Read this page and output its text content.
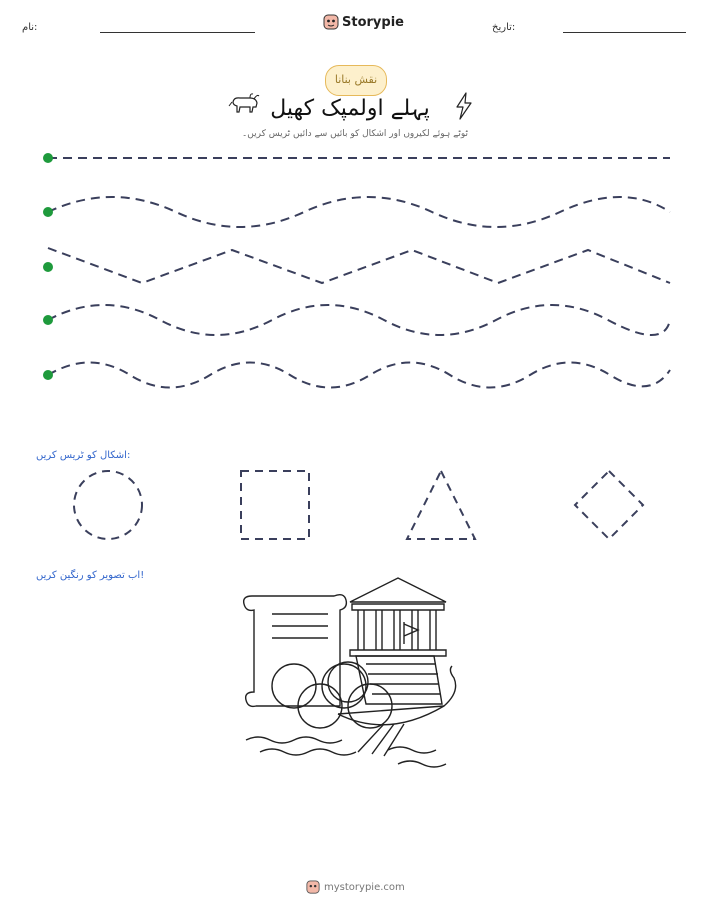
نام:	Storypie	تاریخ:
نقش بنانا
پہلے اولمپک کھیل
ٹوٹے ہوئے لکیروں اور اشکال کو بائیں سے دائیں ٹریس کریں۔
اشکال کو ٹریس کریں:
اب تصویر کو رنگین کریں!
mystorypie.com
